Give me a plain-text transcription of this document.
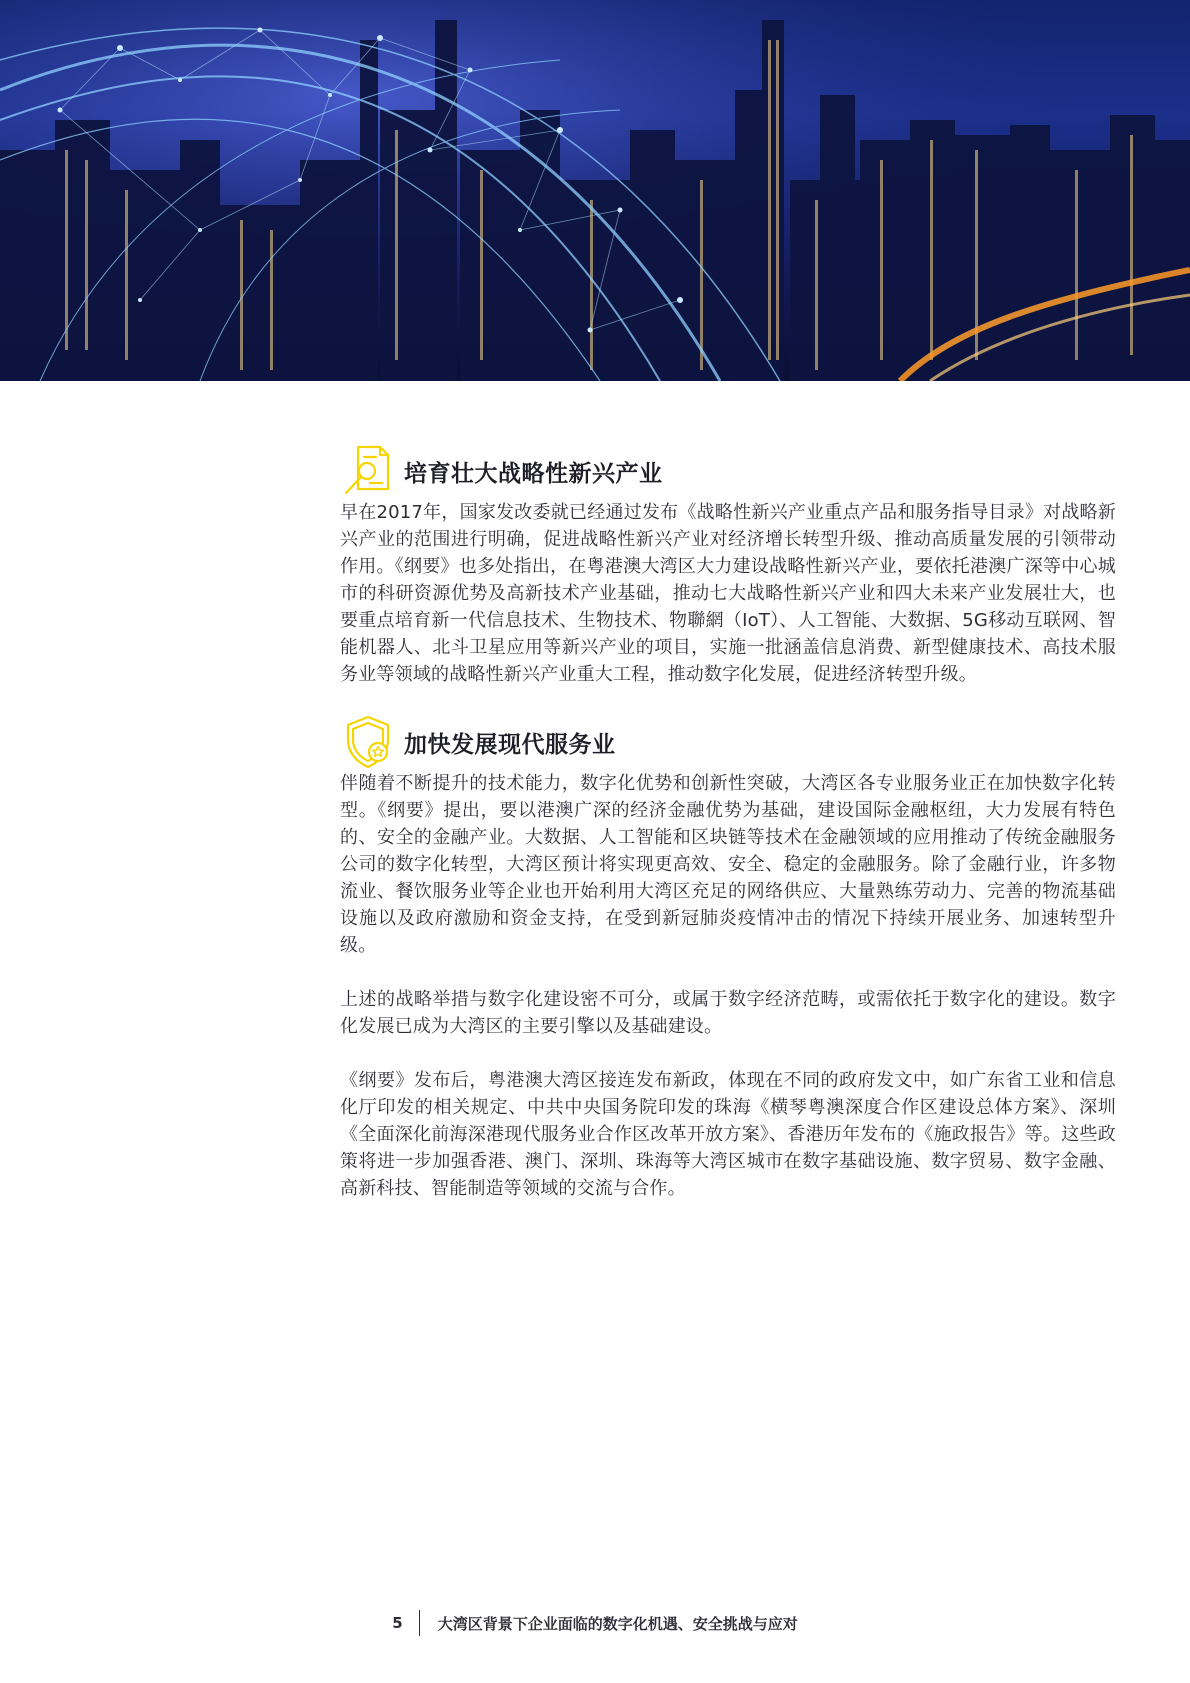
培育壮大战略性新兴产业

早在2017年，国家发改委就已经通过发布《战略性新兴产业重点产品和服务指导目录》对战略新兴产业的范围进行明确，促进战略性新兴产业对经济增长转型升级、推动高质量发展的引领带动作用。《纲要》也多处指出，在粤港澳大湾区大力建设战略性新兴产业，要依托港澳广深等中心城市的科研资源优势及高新技术产业基础，推动七大战略性新兴产业和四大未来产业发展壮大，也要重点培育新一代信息技术、生物技术、物聯網（IoT）、人工智能、大数据、5G移动互联网、智能机器人、北斗卫星应用等新兴产业的项目，实施一批涵盖信息消费、新型健康技术、高技术服务业等领域的战略性新兴产业重大工程，推动数字化发展，促进经济转型升级。

加快发展现代服务业

伴随着不断提升的技术能力，数字化优势和创新性突破，大湾区各专业服务业正在加快数字化转型。《纲要》提出，要以港澳广深的经济金融优势为基础，建设国际金融枢纽，大力发展有特色的、安全的金融产业。大数据、人工智能和区块链等技术在金融领域的应用推动了传统金融服务公司的数字化转型，大湾区预计将实现更高效、安全、稳定的金融服务。除了金融行业，许多物流业、餐饮服务业等企业也开始利用大湾区充足的网络供应、大量熟练劳动力、完善的物流基础设施以及政府激励和资金支持，在受到新冠肺炎疫情冲击的情况下持续开展业务、加速转型升级。

上述的战略举措与数字化建设密不可分，或属于数字经济范畴，或需依托于数字化的建设。数字化发展已成为大湾区的主要引擎以及基础建设。

《纲要》发布后，粤港澳大湾区接连发布新政，体现在不同的政府发文中，如广东省工业和信息化厅印发的相关规定、中共中央国务院印发的珠海《横琴粤澳深度合作区建设总体方案》、深圳《全面深化前海深港现代服务业合作区改革开放方案》、香港历年发布的《施政报告》等。这些政策将进一步加强香港、澳门、深圳、珠海等大湾区城市在数字基础设施、数字贸易、数字金融、高新科技、智能制造等领域的交流与合作。

5 大湾区背景下企业面临的数字化机遇、安全挑战与应对
